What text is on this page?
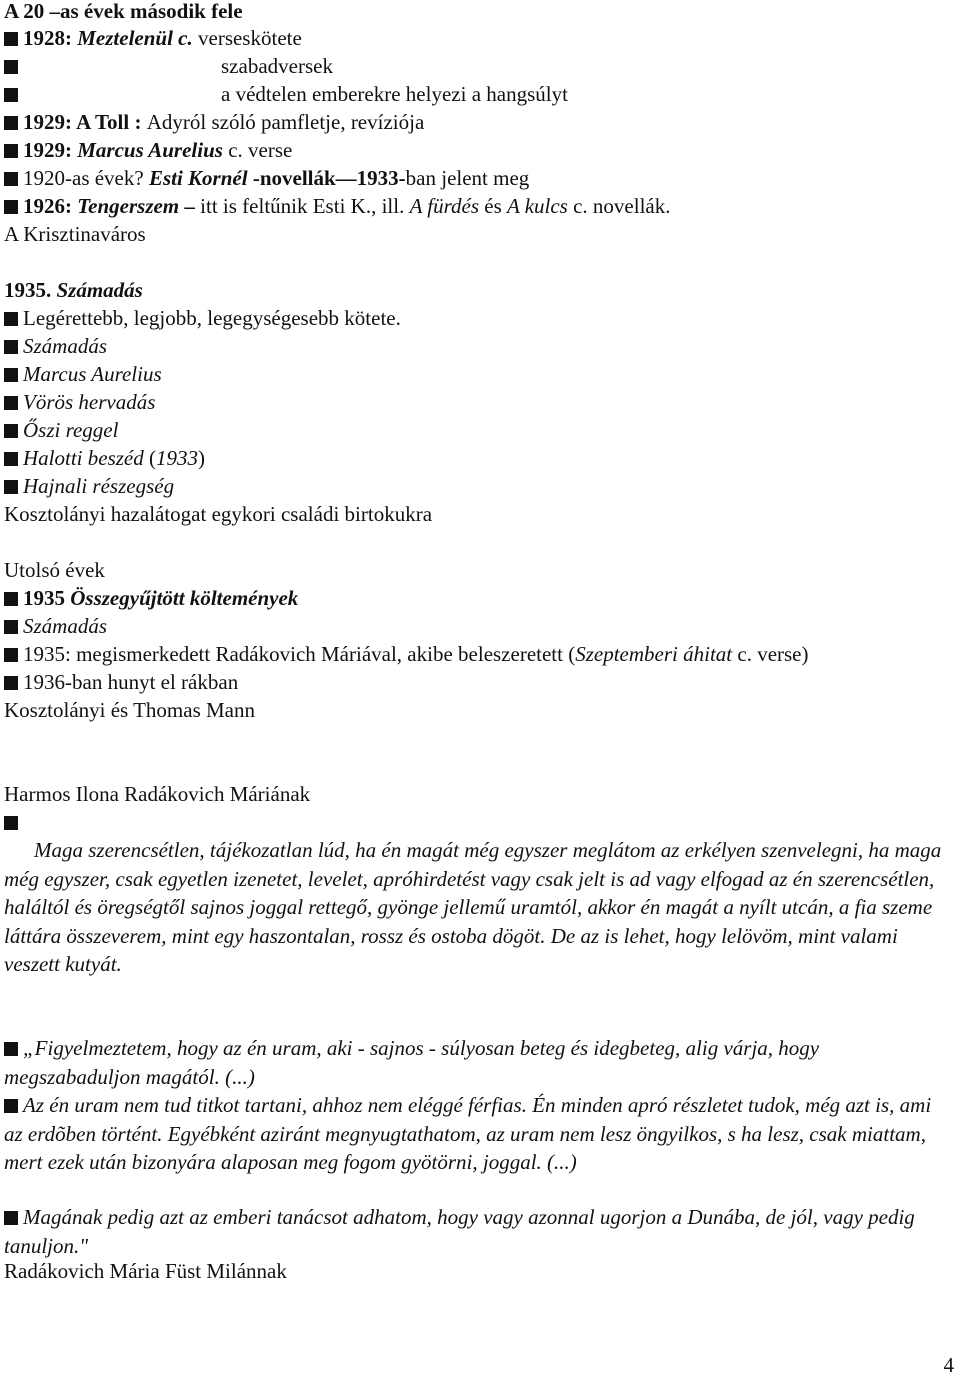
A 20 –as évek második fele
1928: Meztelenül c. verseskötete
szabadversek
a védtelen emberekre helyezi a hangsúlyt
1929: A Toll : Adyról szóló pamfletje, revíziója
1929: Marcus Aurelius c. verse
1920-as évek? Esti Kornél -novellák—1933-ban jelent meg
1926: Tengerszem – itt is feltűnik Esti K., ill. A fürdés és A kulcs c. novellák.
A Krisztinaváros
1935. Számadás
Legérettebb, legjobb, legegységesebb kötete.
Számadás
Marcus Aurelius
Vörös hervadás
Őszi reggel
Halotti beszéd (1933)
Hajnali részegség
Kosztolányi hazalátogat egykori családi birtokukra
Utolsó évek
1935 Összegyűjtött költemények
Számadás
1935: megismerkedett Radákovich Máriával, akibe beleszeretett (Szeptemberi áhitat c. verse)
1936-ban hunyt el rákban
Kosztolányi és Thomas Mann
Harmos Ilona Radákovich Máriának
Maga szerencsétlen, tájékozatlan lúd, ha én magát még egyszer meglátom az erkélyen szenvelegni, ha maga még egyszer, csak egyetlen izenetet, levelet, apróhirdetést vagy csak jelt is ad vagy elfogad az én szerencsétlen, haláltól és öregségtől sajnos joggal rettegő, gyönge jellemű uramtól, akkor én magát a nyílt utcán, a fia szeme láttára összeverem, mint egy haszontalan, rossz és ostoba dögöt. De az is lehet, hogy lelövöm, mint valami veszett kutyát.
„Figyelmeztetem, hogy az én uram, aki - sajnos - súlyosan beteg és idegbeteg, alig várja, hogy megszabaduljon magától. (...)
Az én uram nem tud titkot tartani, ahhoz nem eléggé férfias. Én minden apró részletet tudok, még azt is, ami az erdõben történt. Egyébként aziránt megnyugtathatom, az uram nem lesz öngyilkos, s ha lesz, csak miattam, mert ezek után bizonyára alaposan meg fogom gyötörni, joggal. (...)
Magának pedig azt az emberi tanácsot adhatom, hogy vagy azonnal ugorjon a Dunába, de jól, vagy pedig tanuljon."
Radákovich Mária Füst Milánnak
4
